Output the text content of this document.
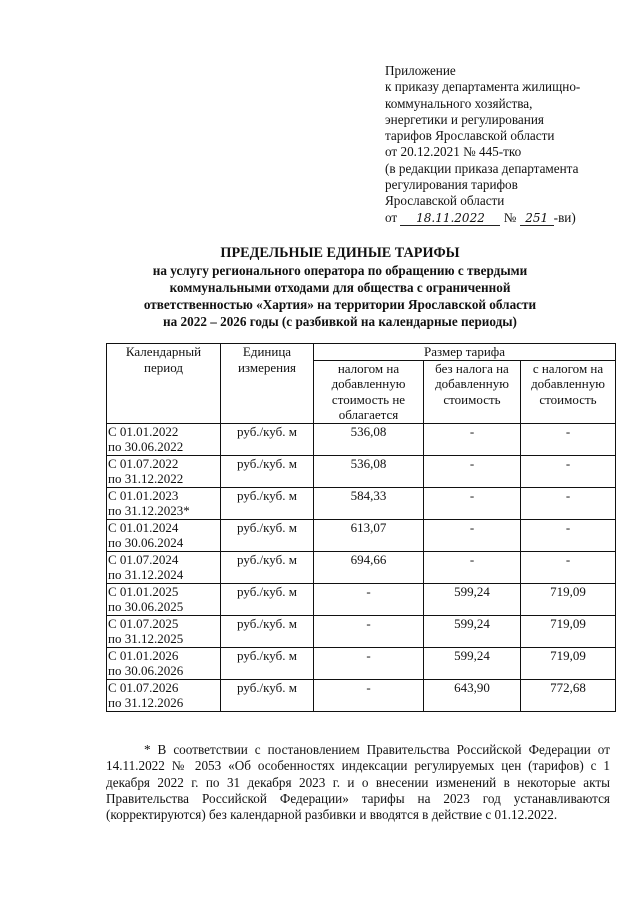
Приложение
к приказу департамента жилищно-
коммунального хозяйства,
энергетики и регулирования
тарифов Ярославской области
от 20.12.2021 № 445-тко
(в редакции приказа департамента
регулирования тарифов
Ярославской области
от 18.11.2022 № 251 -ви)
ПРЕДЕЛЬНЫЕ ЕДИНЫЕ ТАРИФЫ
на услугу регионального оператора по обращению с твердыми
коммунальными отходами для общества с ограниченной
ответственностью «Хартия» на территории Ярославской области
на 2022 – 2026 годы (с разбивкой на календарные периоды)
Календарный период	Единица измерения	Размер тарифа		
		налогом на добавленную стоимость не облагается	без налога на добавленную стоимость	с налогом на добавленную стоимость

С 01.01.2022
по 30.06.2022	руб./куб. м	536,08	-	-

С 01.07.2022
по 31.12.2022	руб./куб. м	536,08	-	-

С 01.01.2023
по 31.12.2023*	руб./куб. м	584,33	-	-

С 01.01.2024
по 30.06.2024	руб./куб. м	613,07	-	-

С 01.07.2024
по 31.12.2024	руб./куб. м	694,66	-	-

С 01.01.2025
по 30.06.2025	руб./куб. м	-	599,24	719,09

С 01.07.2025
по 31.12.2025	руб./куб. м	-	599,24	719,09

С 01.01.2026
по 30.06.2026	руб./куб. м	-	599,24	719,09

С 01.07.2026
по 31.12.2026	руб./куб. м	-	643,90	772,68
* В соответствии с постановлением Правительства Российской Федерации от 14.11.2022 № 2053 «Об особенностях индексации регулируемых цен (тарифов) с 1 декабря 2022 г. по 31 декабря 2023 г. и о внесении изменений в некоторые акты Правительства Российской Федерации» тарифы на 2023 год устанавливаются (корректируются) без календарной разбивки и вводятся в действие с 01.12.2022.
